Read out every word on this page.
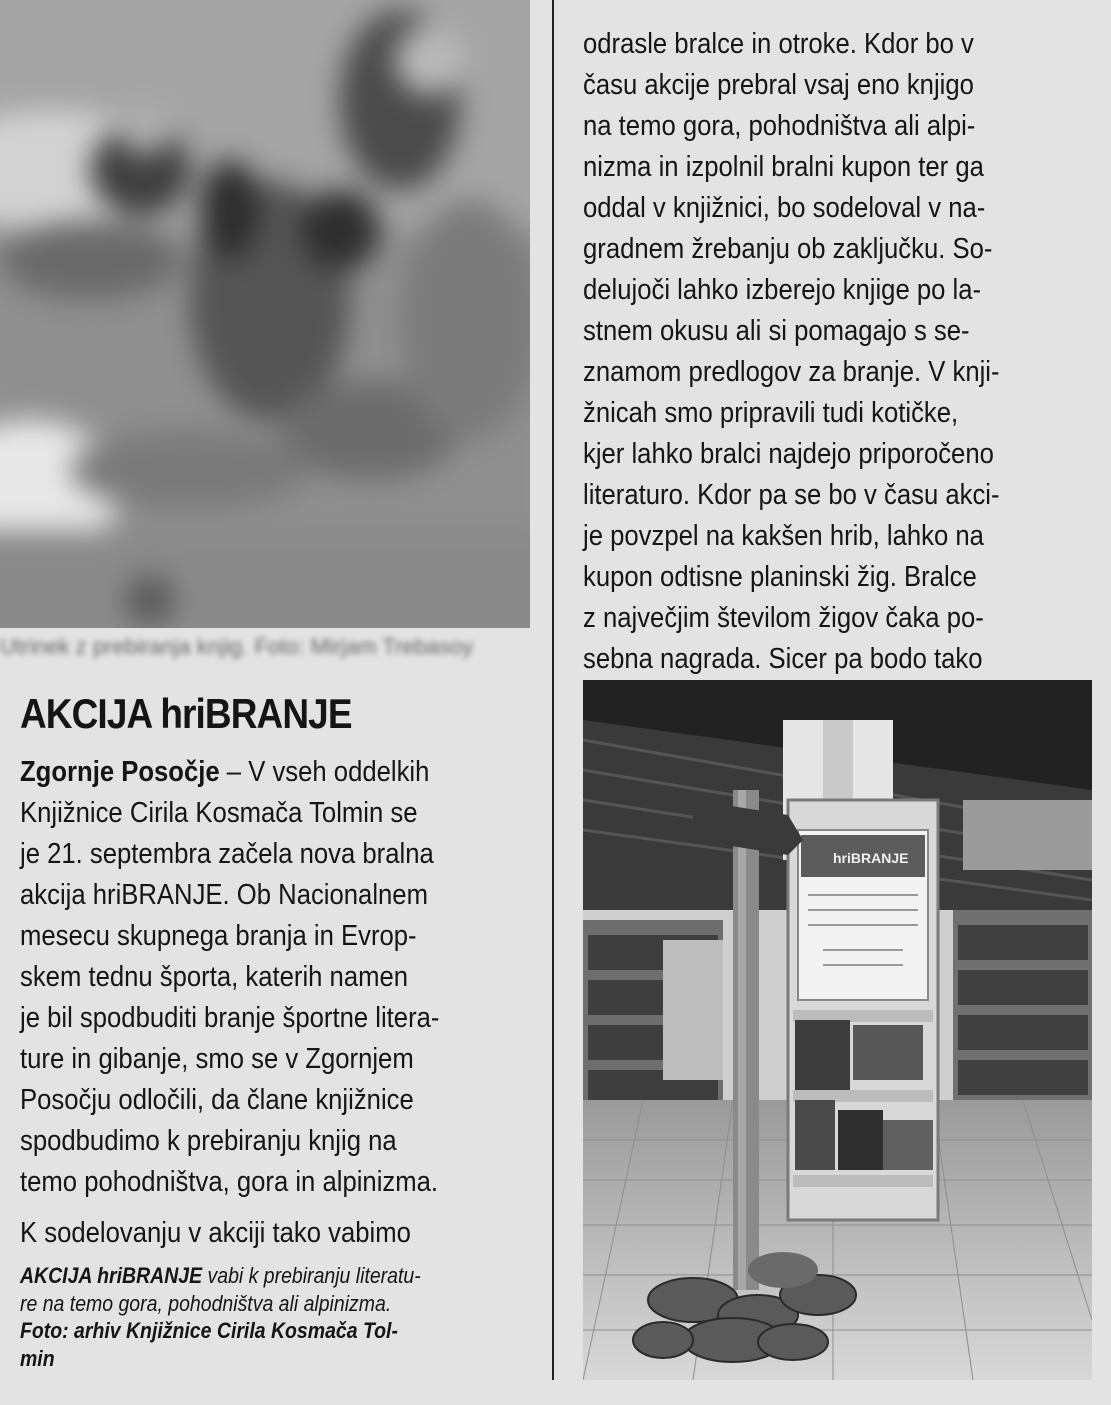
Utrinek z prebiranja knjig. Foto: Mirjam Trebasoy
AKCIJA hriBRANJE
Zgornje Posočje – V vseh oddelkih
Knjižnice Cirila Kosmača Tolmin se
je 21. septembra začela nova bralna
akcija hriBRANJE. Ob Nacionalnem
mesecu skupnega branja in Evrop-
skem tednu športa, katerih namen
je bil spodbuditi branje športne litera-
ture in gibanje, smo se v Zgornjem
Posočju odločili, da člane knjižnice
spodbudimo k prebiranju knjig na
temo pohodništva, gora in alpinizma.
K sodelovanju v akciji tako vabimo
AKCIJA hriBRANJE vabi k prebiranju literatu-
re na temo gora, pohodništva ali alpinizma.
Foto: arhiv Knjižnice Cirila Kosmača Tol-
min
odrasle bralce in otroke. Kdor bo v
času akcije prebral vsaj eno knjigo
na temo gora, pohodništva ali alpi-
nizma in izpolnil bralni kupon ter ga
oddal v knjižnici, bo sodeloval v na-
gradnem žrebanju ob zaključku. So-
delujoči lahko izberejo knjige po la-
stnem okusu ali si pomagajo s se-
znamom predlogov za branje. V knji-
žnicah smo pripravili tudi kotičke,
kjer lahko bralci najdejo priporočeno
literaturo. Kdor pa se bo v času akci-
je povzpel na kakšen hrib, lahko na
kupon odtisne planinski žig. Bralce
z največjim številom žigov čaka po-
sebna nagrada. Sicer pa bodo tako
hriBRANJE
